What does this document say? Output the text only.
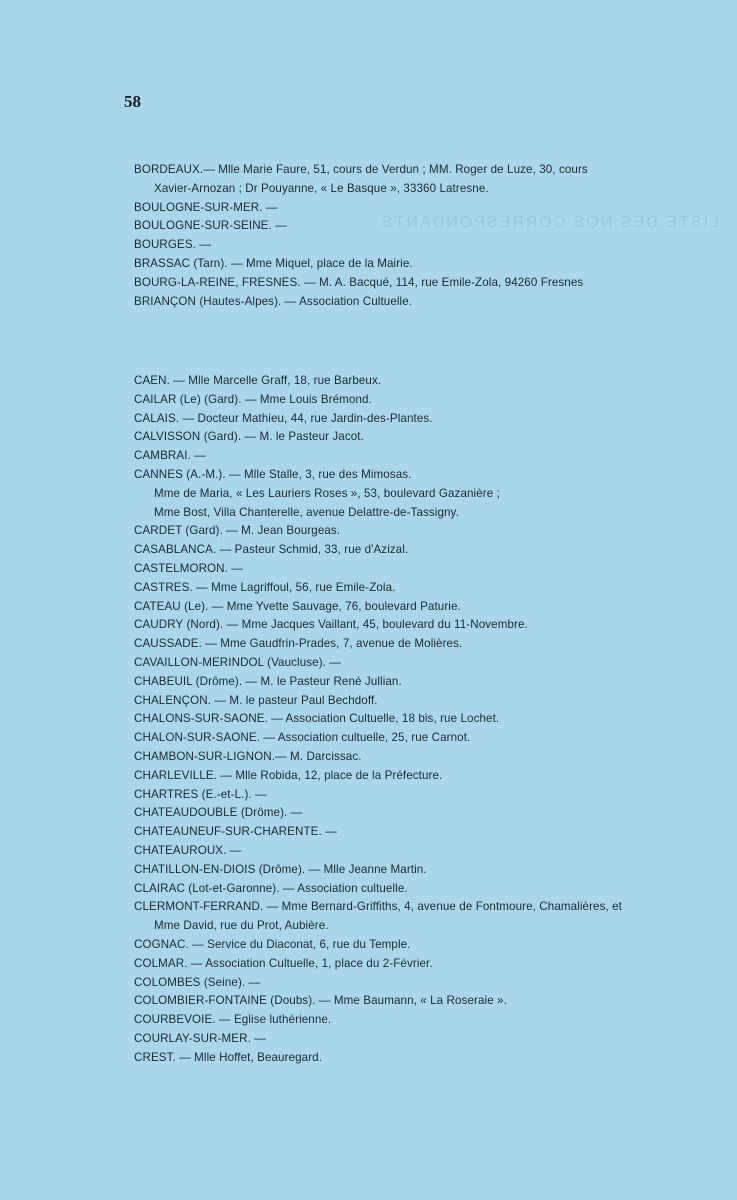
LISTE DES NOS CORRESPONDANTS
58

BORDEAUX.— Mlle Marie Faure, 51, cours de Verdun ; MM. Roger de Luze, 30, cours

Xavier-Arnozan ; Dr Pouyanne, « Le Basque », 33360 Latresne.

BOULOGNE-SUR-MER. —

BOULOGNE-SUR-SEINE. —

BOURGES. —

BRASSAC (Tarn). — Mme Miquel, place de la Mairie.

BOURG-LA-REINE, FRESNES. — M. A. Bacqué, 114, rue Emile-Zola, 94260 Fresnes

BRIANÇON (Hautes-Alpes). — Association Cultuelle.

CAEN. — Mlle Marcelle Graff, 18, rue Barbeux.

CAILAR (Le) (Gard). — Mme Louis Brémond.

CALAIS. — Docteur Mathieu, 44, rue Jardin-des-Plantes.

CALVISSON (Gard). — M. le Pasteur Jacot.

CAMBRAI. —

CANNES (A.-M.). — Mlle Stalle, 3, rue des Mimosas.

Mme de Maria, « Les Lauriers Roses », 53, boulevard Gazanière ;

Mme Bost, Villa Chanterelle, avenue Delattre-de-Tassigny.

CARDET (Gard). — M. Jean Bourgeas.

CASABLANCA. — Pasteur Schmid, 33, rue d'Azizal.

CASTELMORON. —

CASTRES. — Mme Lagriffoul, 56, rue Emile-Zola.

CATEAU (Le). — Mme Yvette Sauvage, 76, boulevard Paturie.

CAUDRY (Nord). — Mme Jacques Vaillant, 45, boulevard du 11-Novembre.

CAUSSADE. — Mme Gaudfrin-Prades, 7, avenue de Molières.

CAVAILLON-MERINDOL (Vaucluse). —

CHABEUIL (Drôme). — M. le Pasteur René Jullian.

CHALENÇON. — M. le pasteur Paul Bechdoff.

CHALONS-SUR-SAONE. — Association Cultuelle, 18 bis, rue Lochet.

CHALON-SUR-SAONE. — Association cultuelle, 25, rue Carnot.

CHAMBON-SUR-LIGNON.— M. Darcissac.

CHARLEVILLE. — Mlle Robida, 12, place de la Préfecture.

CHARTRES (E.-et-L.). —

CHATEAUDOUBLE (Drôme). —

CHATEAUNEUF-SUR-CHARENTE. —

CHATEAUROUX. —

CHATILLON-EN-DIOIS (Drôme). — Mlle Jeanne Martin.

CLAIRAC (Lot-et-Garonne). — Association cultuelle.

CLERMONT-FERRAND. — Mme Bernard-Griffiths, 4, avenue de Fontmoure, Chamalières, et

Mme David, rue du Prot, Aubière.

COGNAC. — Service du Diaconat, 6, rue du Temple.

COLMAR. — Association Cultuelle, 1, place du 2-Février.

COLOMBES (Seine). —

COLOMBIER-FONTAINE (Doubs). — Mme Baumann, « La Roseraie ».

COURBEVOIE. — Eglise luthérienne.

COURLAY-SUR-MER. —

CREST. — Mlle Hoffet, Beauregard.
